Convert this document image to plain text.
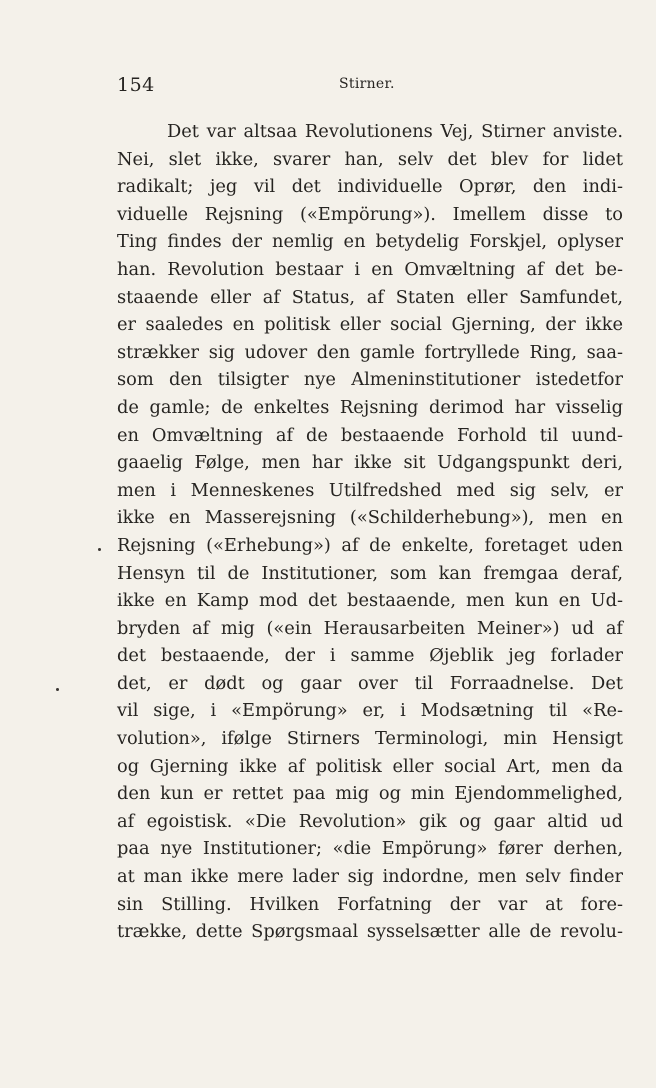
154	Stirner.
Det var altsaa Revolutionens Vej, Stirner anviste.
Nei, slet ikke, svarer han, selv det blev for lidet
radikalt; jeg vil det individuelle Oprør, den indi-
viduelle Rejsning («Empörung»). Imellem disse to
Ting findes der nemlig en betydelig Forskjel, oplyser
han. Revolution bestaar i en Omvæltning af det be-
staaende eller af Status, af Staten eller Samfundet,
er saaledes en politisk eller social Gjerning, der ikke
strækker sig udover den gamle fortryllede Ring, saa-
som den tilsigter nye Almeninstitutioner istedetfor
de gamle; de enkeltes Rejsning derimod har visselig
en Omvæltning af de bestaaende Forhold til uund-
gaaelig Følge, men har ikke sit Udgangspunkt deri,
men i Menneskenes Utilfredshed med sig selv, er
ikke en Masserejsning («Schilderhebung»), men en
Rejsning («Erhebung») af de enkelte, foretaget uden
Hensyn til de Institutioner, som kan fremgaa deraf,
ikke en Kamp mod det bestaaende, men kun en Ud-
bryden af mig («ein Herausarbeiten Meiner») ud af
det bestaaende, der i samme Øjeblik jeg forlader
det, er dødt og gaar over til Forraadnelse. Det
vil sige, i «Empörung» er, i Modsætning til «Re-
volution», ifølge Stirners Terminologi, min Hensigt
og Gjerning ikke af politisk eller social Art, men da
den kun er rettet paa mig og min Ejendommelighed,
af egoistisk. «Die Revolution» gik og gaar altid ud
paa nye Institutioner; «die Empörung» fører derhen,
at man ikke mere lader sig indordne, men selv finder
sin Stilling. Hvilken Forfatning der var at fore-
trække, dette Spørgsmaal sysselsætter alle de revolu-
